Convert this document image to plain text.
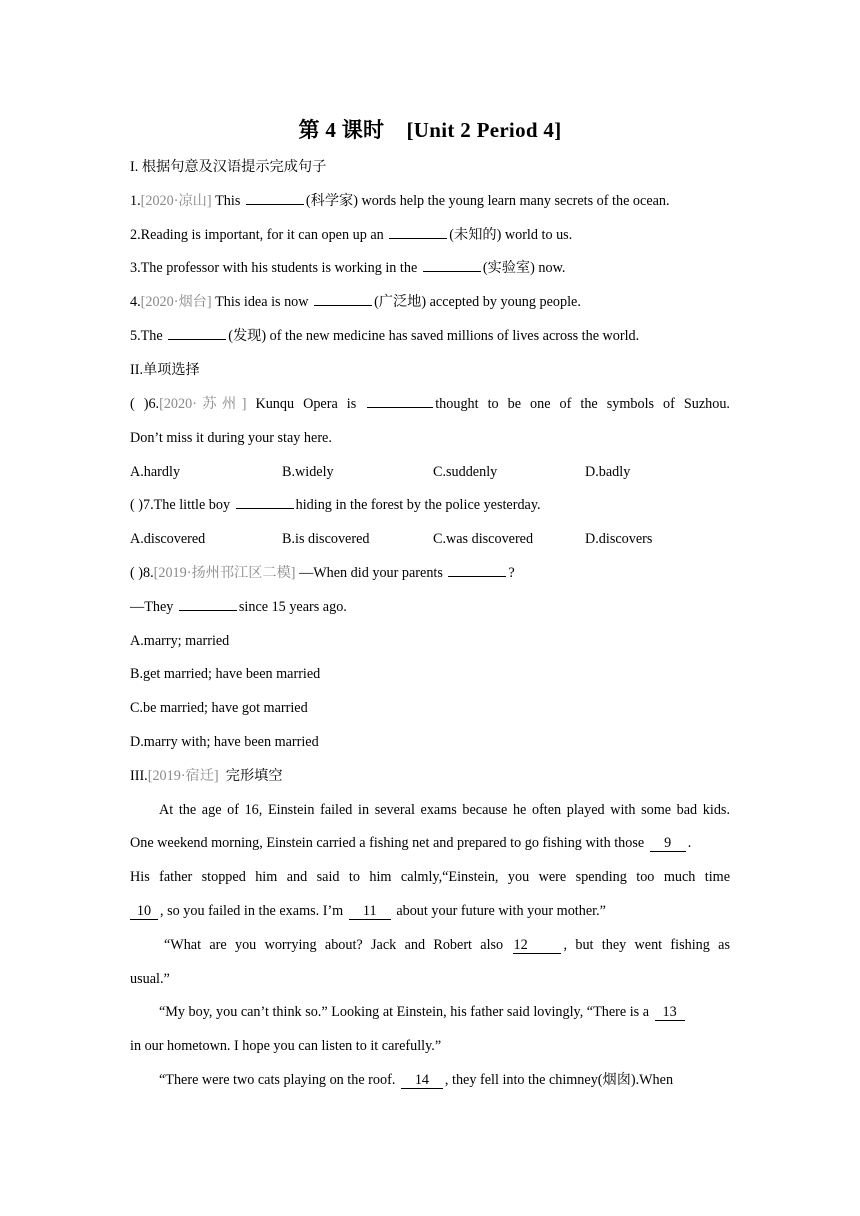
第 4 课时    [Unit 2 Period 4]
I. 根据句意及汉语提示完成句子
1.[2020·凉山] This	(科学家) words help the young learn many secrets of the ocean.
2.Reading is important, for it can open up an	(未知的) world to us.
3.The professor with his students is working in the	(实验室) now.
4.[2020·烟台] This idea is now	(广泛地) accepted by young people.
5.The	(发现) of the new medicine has saved millions of lives across the world.
II.单项选择
( )6.[2020·苏州] Kunqu Opera is	thought to be one of the symbols of Suzhou.
Don’t miss it during your stay here.
A.hardly	B.widely	C.suddenly	D.badly
( )7.The little boy	hiding in the forest by the police yesterday.
A.discovered	B.is discovered	C.was discovered	D.discovers
( )8.[2019·扬州邗江区二模] —When did your parents	?
—They	since 15 years ago.
A.marry; married
B.get married; have been married
C.be married; have got married
D.marry with; have been married
III.[2019·宿迁]  完形填空
At the age of 16, Einstein failed in several exams because he often played with some bad kids.
One weekend morning, Einstein carried a fishing net and prepared to go fishing with those 9 .
His father stopped him and said to him calmly,“Einstein, you were spending too much time
10 , so you failed in the exams. I’m 11 about your future with your mother.”
“What are you worrying about? Jack and Robert also 12	, but they went fishing as
usual.”
“My boy, you can’t think so.” Looking at Einstein, his father said lovingly, “There is a 13
in our hometown. I hope you can listen to it carefully.”
“There were two cats playing on the roof. 14 , they fell into the chimney(烟囱).When
